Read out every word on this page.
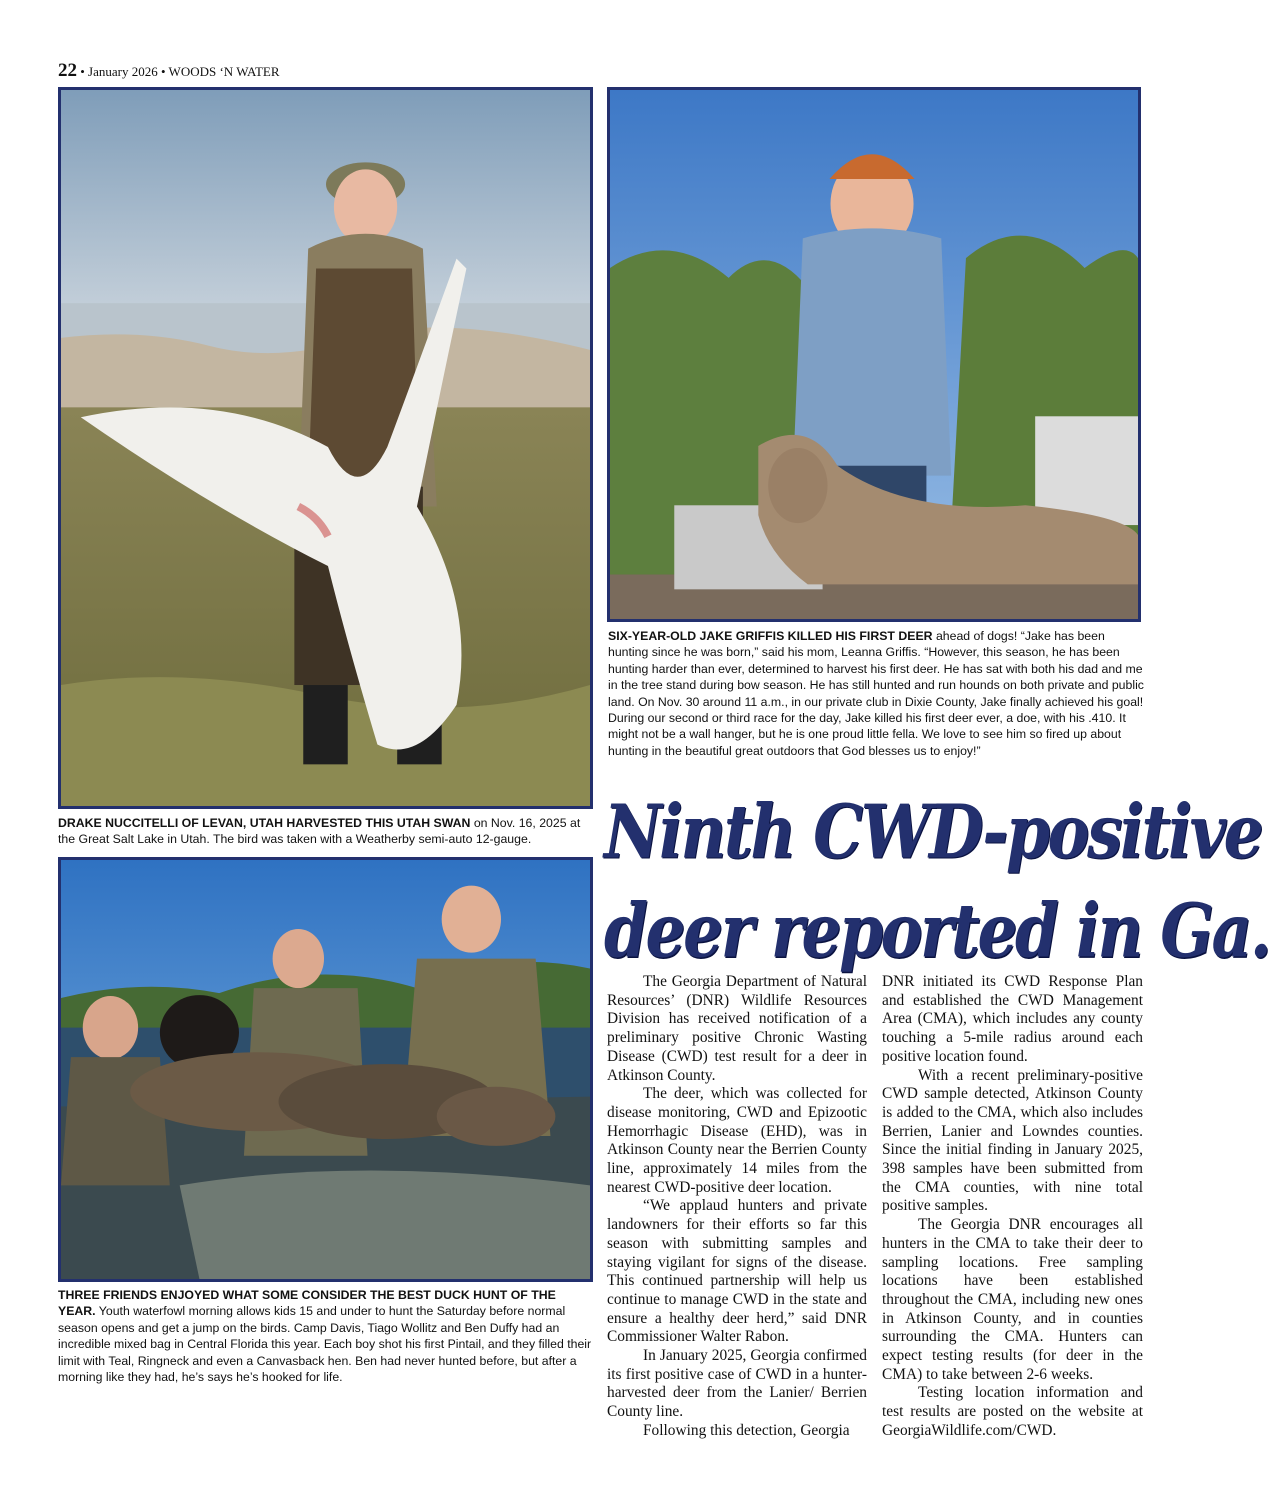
22 • January 2026 • WOODS ‘N WATER
DRAKE NUCCITELLI OF LEVAN, UTAH HARVESTED THIS UTAH SWAN on Nov. 16, 2025 at the Great Salt Lake in Utah. The bird was taken with a Weatherby semi-auto 12-gauge.
SIX-YEAR-OLD JAKE GRIFFIS KILLED HIS FIRST DEER ahead of dogs! “Jake has been hunting since he was born,” said his mom, Leanna Griffis. “However, this season, he has been hunting harder than ever, determined to harvest his first deer. He has sat with both his dad and me in the tree stand during bow season. He has still hunted and run hounds on both private and public land. On Nov. 30 around 11 a.m., in our private club in Dixie County, Jake finally achieved his goal! During our second or third race for the day, Jake killed his first deer ever, a doe, with his .410. It might not be a wall hanger, but he is one proud little fella. We love to see him so fired up about hunting in the beautiful great outdoors that God blesses us to enjoy!”
THREE FRIENDS ENJOYED WHAT SOME CONSIDER THE BEST DUCK HUNT OF THE YEAR. Youth waterfowl morning allows kids 15 and under to hunt the Saturday before normal season opens and get a jump on the birds. Camp Davis, Tiago Wollitz and Ben Duffy had an incredible mixed bag in Central Florida this year. Each boy shot his first Pintail, and they filled their limit with Teal, Ringneck and even a Canvasback hen. Ben had never hunted before, but after a morning like they had, he’s says he’s hooked for life.
Ninth CWD-positive
deer reported in Ga.

The Georgia Department of Natural Resources’ (DNR) Wildlife Resources Division has received notification of a preliminary positive Chronic Wasting Disease (CWD) test result for a deer in Atkinson County.

The deer, which was collected for disease monitoring, CWD and Epizootic Hemorrhagic Disease (EHD), was in Atkinson County near the Berrien County line, approximately 14 miles from the nearest CWD-positive deer location.

“We applaud hunters and private landowners for their efforts so far this season with submitting samples and staying vigilant for signs of the disease. This continued partnership will help us continue to manage CWD in the state and ensure a healthy deer herd,” said DNR Commissioner Walter Rabon.

In January 2025, Georgia confirmed its first positive case of CWD in a hunter-harvested deer from the Lanier/ Berrien County line.

Following this detection, Georgia

DNR initiated its CWD Response Plan and established the CWD Management Area (CMA), which includes any county touching a 5-mile radius around each positive location found.

With a recent preliminary-positive CWD sample detected, Atkinson County is added to the CMA, which also includes Berrien, Lanier and Lowndes counties. Since the initial finding in January 2025, 398 samples have been submitted from the CMA counties, with nine total positive samples.

The Georgia DNR encourages all hunters in the CMA to take their deer to sampling locations. Free sampling locations have been established throughout the CMA, including new ones in Atkinson County, and in counties surrounding the CMA. Hunters can expect testing results (for deer in the CMA) to take between 2-6 weeks.

Testing location information and test results are posted on the website at GeorgiaWildlife.com/CWD.
